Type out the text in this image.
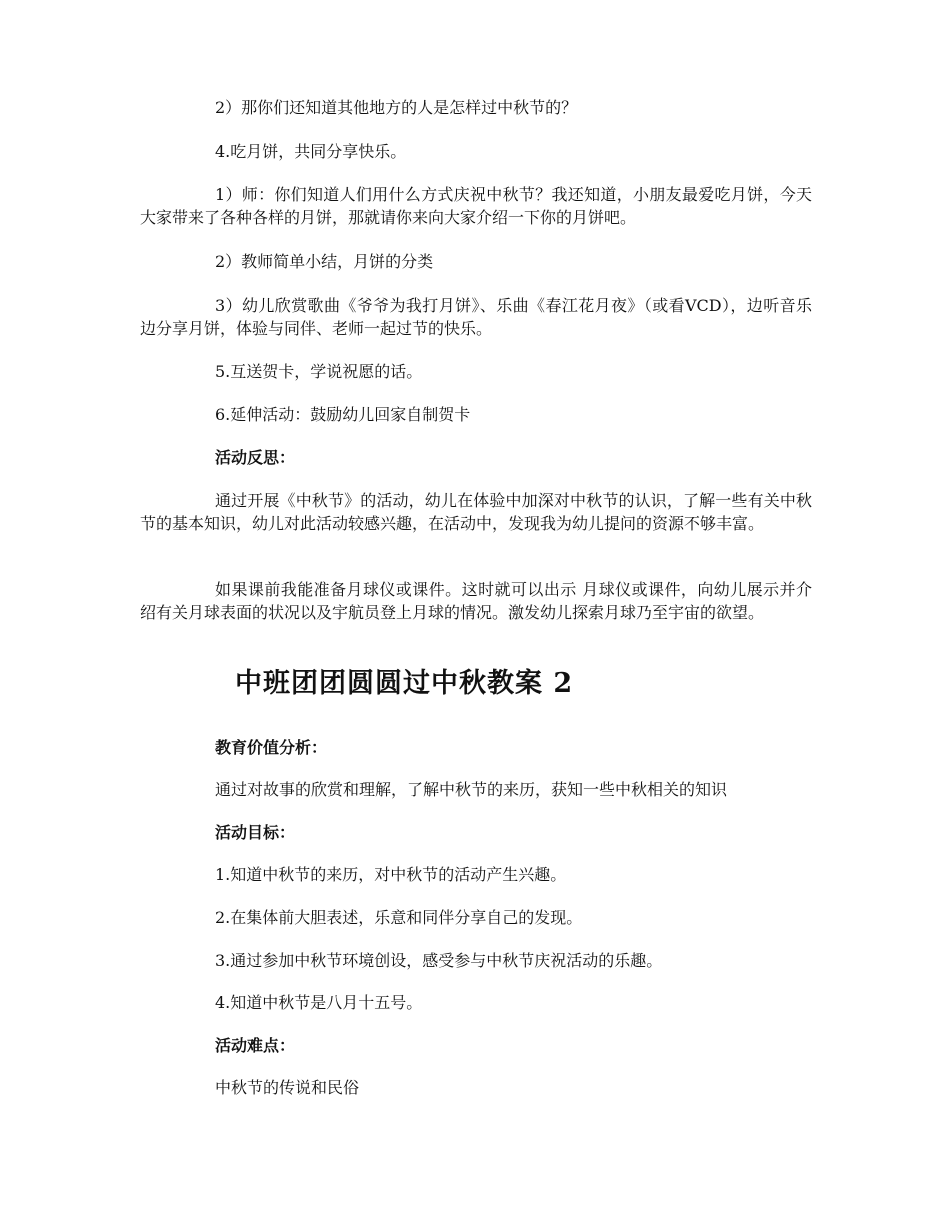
2）那你们还知道其他地方的人是怎样过中秋节的？

4.吃月饼，共同分享快乐。

1）师：你们知道人们用什么方式庆祝中秋节？我还知道，小朋友最爱吃月饼，今天大家带来了各种各样的月饼，那就请你来向大家介绍一下你的月饼吧。

2）教师简单小结，月饼的分类

3）幼儿欣赏歌曲《爷爷为我打月饼》、乐曲《春江花月夜》（或看VCD），边听音乐边分享月饼，体验与同伴、老师一起过节的快乐。

5.互送贺卡，学说祝愿的话。

6.延伸活动：鼓励幼儿回家自制贺卡

活动反思：

通过开展《中秋节》的活动，幼儿在体验中加深对中秋节的认识，了解一些有关中秋节的基本知识，幼儿对此活动较感兴趣，在活动中，发现我为幼儿提问的资源不够丰富。

如果课前我能准备月球仪或课件。这时就可以出示 月球仪或课件，向幼儿展示并介绍有关月球表面的状况以及宇航员登上月球的情况。激发幼儿探索月球乃至宇宙的欲望。

中班团团圆圆过中秋教案 2

教育价值分析：

通过对故事的欣赏和理解，了解中秋节的来历，获知一些中秋相关的知识

活动目标：

1.知道中秋节的来历，对中秋节的活动产生兴趣。

2.在集体前大胆表述，乐意和同伴分享自己的发现。

3.通过参加中秋节环境创设，感受参与中秋节庆祝活动的乐趣。

4.知道中秋节是八月十五号。

活动难点：

中秋节的传说和民俗
